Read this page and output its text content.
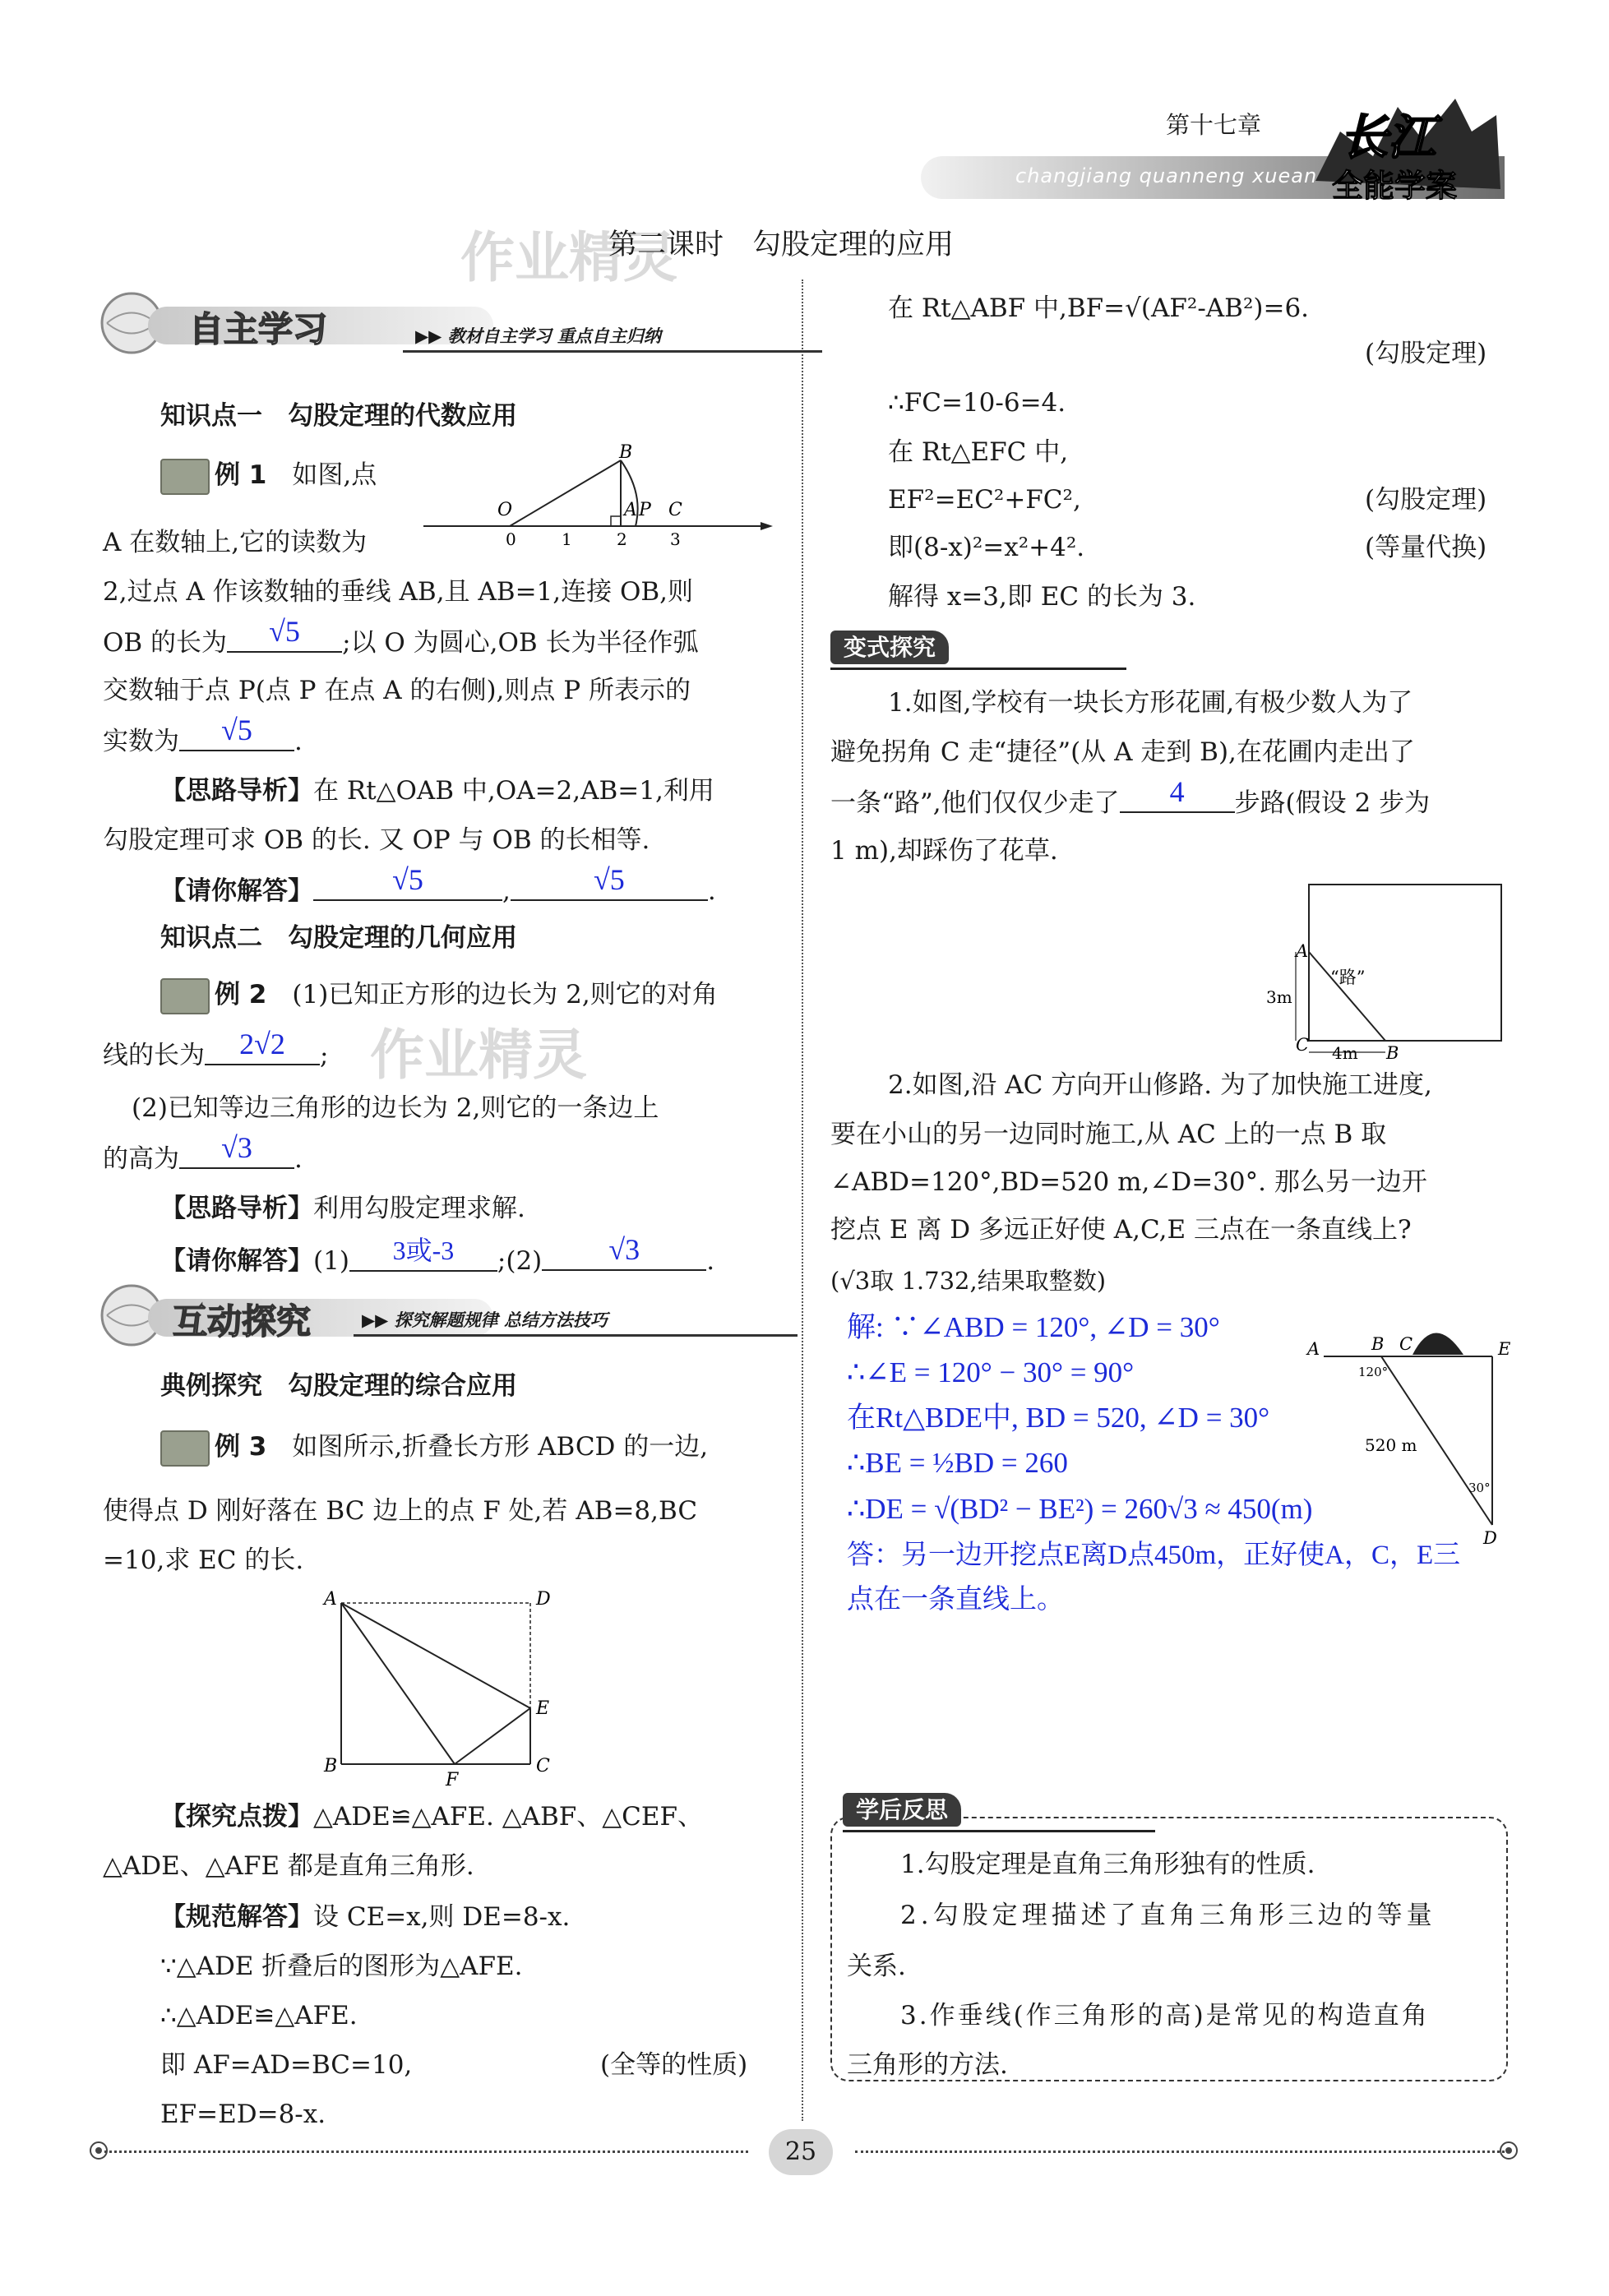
第十七章
changjiang quanneng xuean
长江
全能学案
作业精灵
第二课时　勾股定理的应用
自主学习	▶▶ 教材自主学习 重点自主归纳
知识点一　勾股定理的代数应用
例 1　 如图,点
O
B
A P C
0	1	2	3
A 在数轴上,它的读数为
2,过点 A 作该数轴的垂线 AB,且 AB=1,连接 OB,则
OB 的长为 √5 ;以 O 为圆心,OB 长为半径作弧
交数轴于点 P(点 P 在点 A 的右侧),则点 P 所表示的
实数为 √5 .
【思路导析】在 Rt△OAB 中,OA=2,AB=1,利用
勾股定理可求 OB 的长. 又 OP 与 OB 的长相等.
【请你解答】	√5	,	√5	.
知识点二　勾股定理的几何应用
作业精灵
例 2　 (1)已知正方形的边长为 2,则它的对角
线的长为 2√2 ;
(2)已知等边三角形的边长为 2,则它的一条边上
的高为 √3 .
【思路导析】利用勾股定理求解.
【请你解答】(1) 3或-3 ;(2) √3	.
互动探究	▶▶ 探究解题规律 总结方法技巧
典例探究　勾股定理的综合应用
例 3　 如图所示,折叠长方形 ABCD 的一边,
使得点 D 刚好落在 BC 边上的点 F 处,若 AB=8,BC
=10,求 EC 的长.
A	D
E
B	C
F
【探究点拨】△ADE≌△AFE. △ABF、△CEF、
△ADE、△AFE 都是直角三角形.
【规范解答】设 CE=x,则 DE=8-x.
∵△ADE 折叠后的图形为△AFE.
∴△ADE≌△AFE.
即 AF=AD=BC=10,	(全等的性质)
EF=ED=8-x.
在 Rt△ABF 中,BF=√(AF²-AB²)=6.
(勾股定理)
∴FC=10-6=4.
在 Rt△EFC 中,
EF²=EC²+FC²,	(勾股定理)
即(8-x)²=x²+4².	(等量代换)
解得 x=3,即 EC 的长为 3.
变式探究
1.如图,学校有一块长方形花圃,有极少数人为了
避免拐角 C 走“捷径”(从 A 走到 B),在花圃内走出了
一条“路”,他们仅仅少走了 4 步路(假设 2 步为
1 m),却踩伤了花草.
A
C	B
“路”
3m
4m
2.如图,沿 AC 方向开山修路. 为了加快施工进度,
要在小山的另一边同时施工,从 AC 上的一点 B 取
∠ABD=120°,BD=520 m,∠D=30°. 那么另一边开
挖点 E 离 D 多远正好使 A,C,E 三点在一条直线上?
(√3取 1.732,结果取整数)
A	B C	E
D
120°
520 m
30°
解: ∵∠ABD = 120°, ∠D = 30°
∴∠E = 120° − 30° = 90°
在Rt△BDE中, BD = 520, ∠D = 30°
∴BE = ½BD = 260
∴DE = √(BD² − BE²) = 260√3 ≈ 450(m)
答：另一边开挖点E离D点450m，正好使A，C，E三
点在一条直线上。
学后反思
1.勾股定理是直角三角形独有的性质.
2.勾股定理描述了直角三角形三边的等量
关系.
3.作垂线(作三角形的高)是常见的构造直角
三角形的方法.
25
